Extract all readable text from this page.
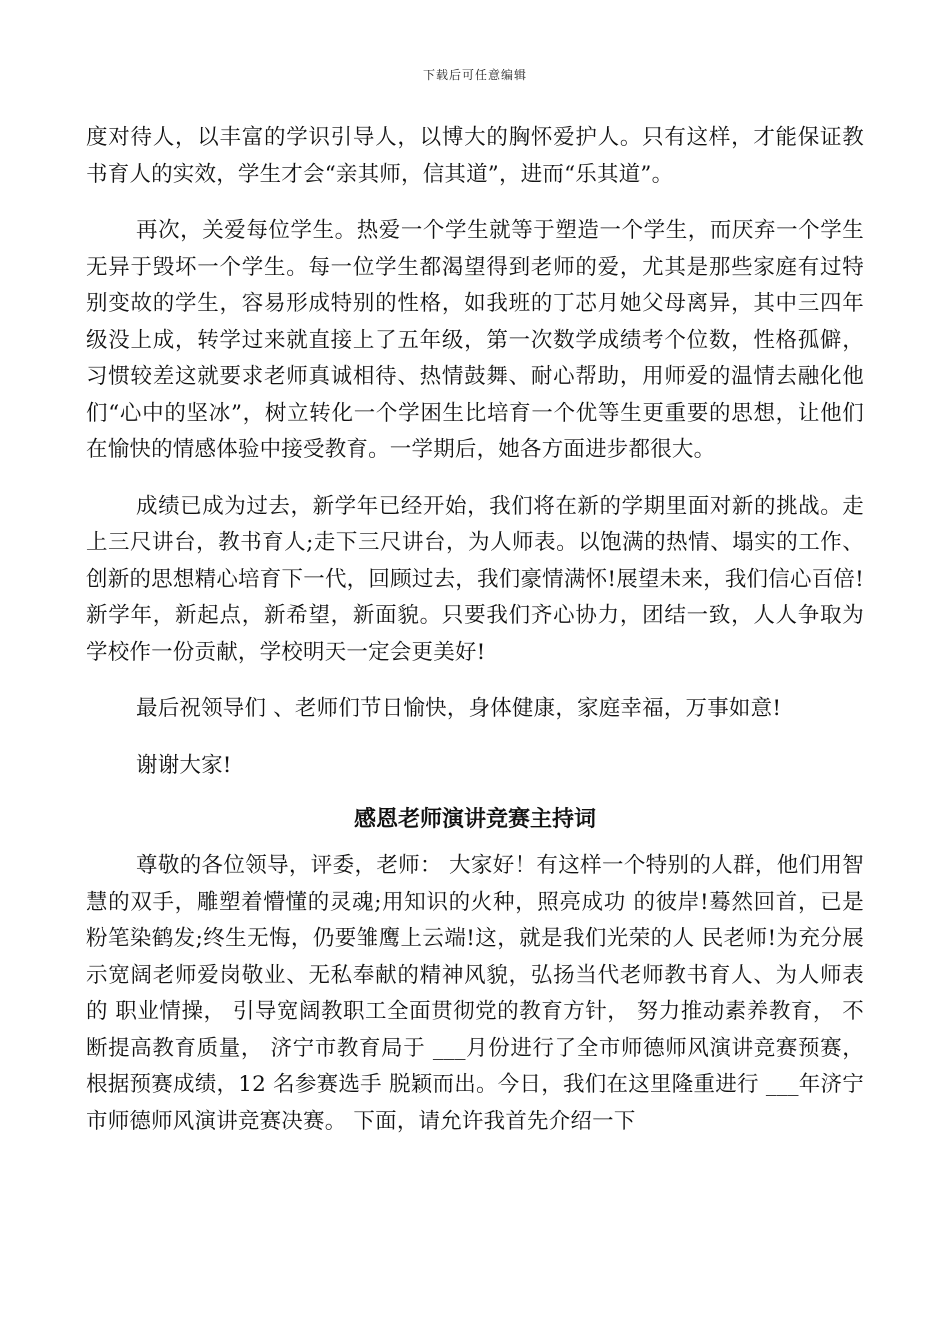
下载后可任意编辑

度对待人，以丰富的学识引导人，以博大的胸怀爱护人。只有这样，才能保证教书育人的实效，学生才会“亲其师，信其道”，进而“乐其道”。

再次，关爱每位学生。热爱一个学生就等于塑造一个学生，而厌弃一个学生无异于毁坏一个学生。每一位学生都渴望得到老师的爱，尤其是那些家庭有过特别变故的学生，容易形成特别的性格，如我班的丁芯月她父母离异，其中三四年级没上成，转学过来就直接上了五年级，第一次数学成绩考个位数，性格孤僻，习惯较差这就要求老师真诚相待、热情鼓舞、耐心帮助，用师爱的温情去融化他们“心中的坚冰”，树立转化一个学困生比培育一个优等生更重要的思想，让他们在愉快的情感体验中接受教育。一学期后，她各方面进步都很大。

成绩已成为过去，新学年已经开始，我们将在新的学期里面对新的挑战。走上三尺讲台，教书育人;走下三尺讲台，为人师表。以饱满的热情、塌实的工作、创新的思想精心培育下一代，回顾过去，我们豪情满怀!展望未来，我们信心百倍!新学年，新起点，新希望，新面貌。只要我们齐心协力，团结一致，人人争取为学校作一份贡献，学校明天一定会更美好!

最后祝领导们 、老师们节日愉快，身体健康，家庭幸福，万事如意!

谢谢大家!

感恩老师演讲竞赛主持词

尊敬的各位领导，评委，老师： 大家好！有这样一个特别的人群，他们用智慧的双手，雕塑着懵懂的灵魂;用知识的火种，照亮成功 的彼岸!蓦然回首，已是粉笔染鹤发;终生无悔，仍要雏鹰上云端!这，就是我们光荣的人 民老师!为充分展示宽阔老师爱岗敬业、无私奉献的精神风貌，弘扬当代老师教书育人、为人师表的 职业情操， 引导宽阔教职工全面贯彻党的教育方针， 努力推动素养教育， 不断提高教育质量， 济宁市教育局于 ___月份进行了全市师德师风演讲竞赛预赛，根据预赛成绩，12 名参赛选手 脱颖而出。今日，我们在这里隆重进行 ___年济宁市师德师风演讲竞赛决赛。 下面，请允许我首先介绍一下
